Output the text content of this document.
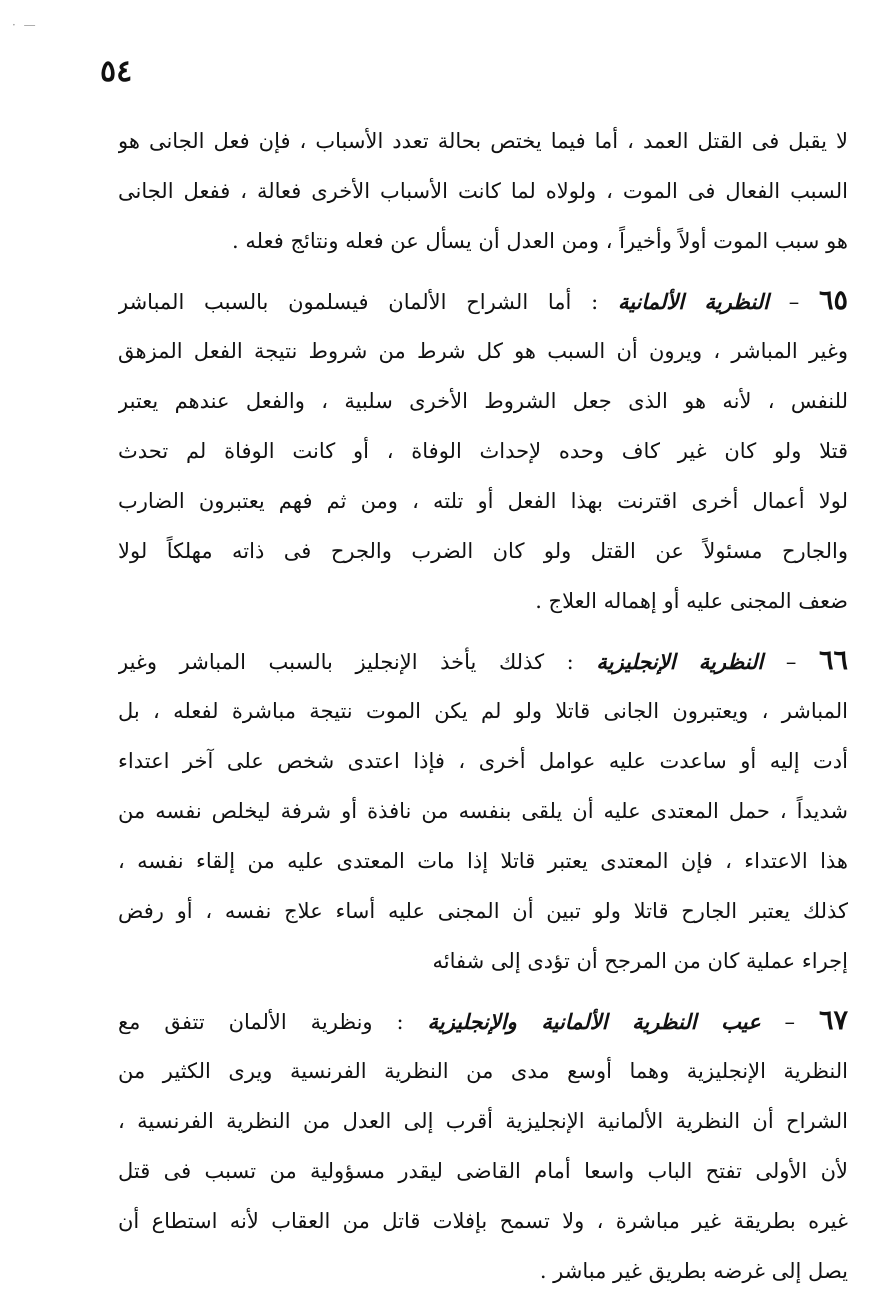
· —
٥٤
لا يقبل فى القتل العمد ، أما فيما يختص بحالة تعدد الأسباب ، فإن فعل الجانى هو
السبب الفعال فى الموت ، ولولاه لما كانت الأسباب الأخرى فعالة ، ففعل الجانى
هو سبب الموت أولاً وأخيراً ، ومن العدل أن يسأل عن فعله ونتائج فعله .
٦٥ – النظرية الألمانية : أما الشراح الألمان فيسلمون بالسبب المباشر
وغير المباشر ، ويرون أن السبب هو كل شرط من شروط نتيجة الفعل المزهق
للنفس ، لأنه هو الذى جعل الشروط الأخرى سلبية ، والفعل عندهم يعتبر
قتلا ولو كان غير كاف وحده لإحداث الوفاة ، أو كانت الوفاة لم تحدث
لولا أعمال أخرى اقترنت بهذا الفعل أو تلته ، ومن ثم فهم يعتبرون الضارب
والجارح مسئولاً عن القتل ولو كان الضرب والجرح فى ذاته مهلكاً لولا
ضعف المجنى عليه أو إهماله العلاج .
٦٦ – النظرية الإنجليزية : كذلك يأخذ الإنجليز بالسبب المباشر وغير
المباشر ، ويعتبرون الجانى قاتلا ولو لم يكن الموت نتيجة مباشرة لفعله ، بل
أدت إليه أو ساعدت عليه عوامل أخرى ، فإذا اعتدى شخص على آخر اعتداء
شديداً ، حمل المعتدى عليه أن يلقى بنفسه من نافذة أو شرفة ليخلص نفسه من
هذا الاعتداء ، فإن المعتدى يعتبر قاتلا إذا مات المعتدى عليه من إلقاء نفسه ،
كذلك يعتبر الجارح قاتلا ولو تبين أن المجنى عليه أساء علاج نفسه ، أو رفض
إجراء عملية كان من المرجح أن تؤدى إلى شفائه
٦٧ – عيب النظرية الألمانية والإنجليزية : ونظرية الألمان تتفق مع
النظرية الإنجليزية وهما أوسع مدى من النظرية الفرنسية ويرى الكثير من
الشراح أن النظرية الألمانية الإنجليزية أقرب إلى العدل من النظرية الفرنسية ،
لأن الأولى تفتح الباب واسعا أمام القاضى ليقدر مسؤولية من تسبب فى قتل
غيره بطريقة غير مباشرة ، ولا تسمح بإفلات قاتل من العقاب لأنه استطاع أن
يصل إلى غرضه بطريق غير مباشر .
